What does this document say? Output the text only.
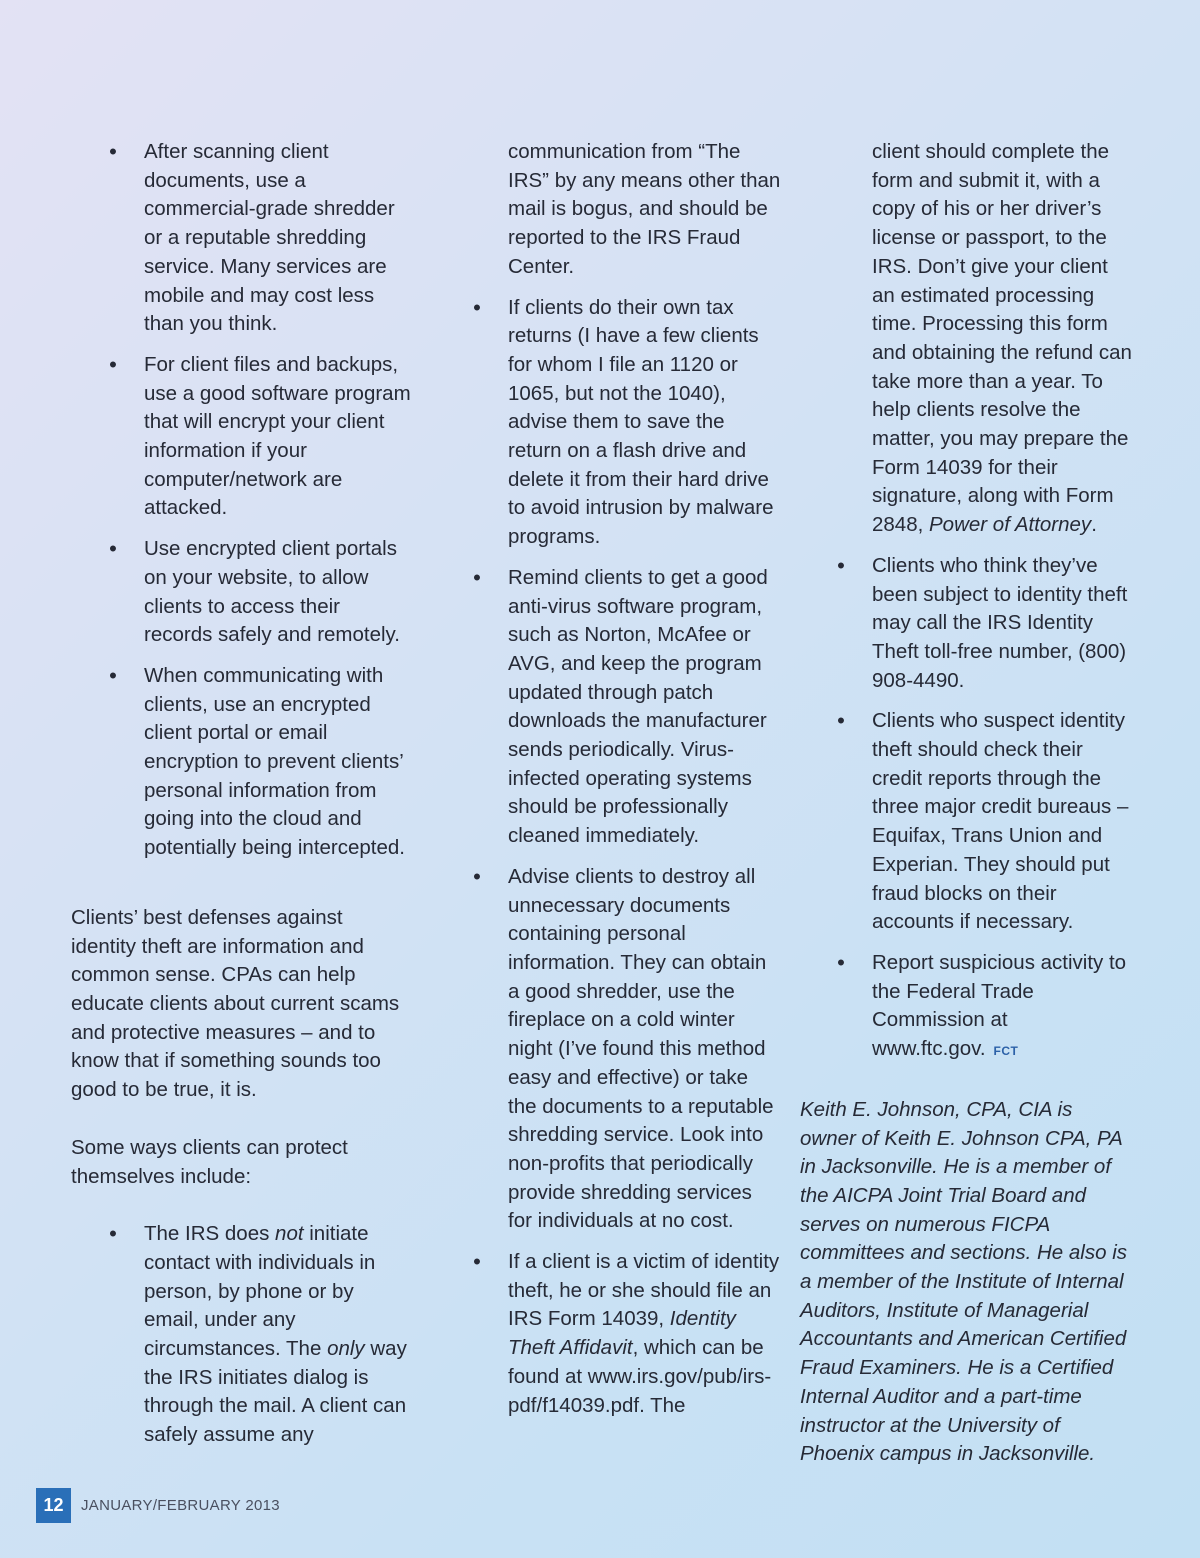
•
After scanning client documents, use a commercial-grade shredder or a reputable shredding service. Many services are mobile and may cost less than you think.
•
For client files and backups, use a good software program that will encrypt your client information if your computer/network are attacked.
•
Use encrypted client portals on your website, to allow clients to access their records safely and remotely.
•
When communicating with clients, use an encrypted client portal or email encryption to prevent clients’ personal information from going into the cloud and potentially being intercepted.

Clients’ best defenses against identity theft are information and common sense. CPAs can help educate clients about current scams and protective measures – and to know that if something sounds too good to be true, it is.

Some ways clients can protect themselves include:

•
The IRS does not initiate contact with individuals in person, by phone or by email, under any circumstances. The only way the IRS initiates dialog is through the mail. A client can safely assume any
communication from “The IRS” by any means other than mail is bogus, and should be reported to the IRS Fraud Center.
•
If clients do their own tax returns (I have a few clients for whom I file an 1120 or 1065, but not the 1040), advise them to save the return on a flash drive and delete it from their hard drive to avoid intrusion by malware programs.
•
Remind clients to get a good anti-virus software program, such as Norton, McAfee or AVG, and keep the program updated through patch downloads the manufacturer sends periodically. Virus-infected operating systems should be professionally cleaned immediately.
•
Advise clients to destroy all unnecessary documents containing personal information. They can obtain a good shredder, use the fireplace on a cold winter night (I’ve found this method easy and effective) or take the documents to a reputable shredding service. Look into non-profits that periodically provide shredding services for individuals at no cost.
•
If a client is a victim of identity theft, he or she should file an IRS Form 14039, Identity Theft Affidavit, which can be found at www.irs.gov/pub/irs-pdf/f14039.pdf. The
client should complete the form and submit it, with a copy of his or her driver’s license or passport, to the IRS. Don’t give your client an estimated processing time. Processing this form and obtaining the refund can take more than a year. To help clients resolve the matter, you may prepare the Form 14039 for their signature, along with Form 2848, Power of Attorney.
•
Clients who think they’ve been subject to identity theft may call the IRS Identity Theft toll-free number, (800) 908-4490.
•
Clients who suspect identity theft should check their credit reports through the three major credit bureaus – Equifax, Trans Union and Experian. They should put fraud blocks on their accounts if necessary.
•
Report suspicious activity to the Federal Trade Commission at www.ftc.gov. FCT
Keith E. Johnson, CPA, CIA is owner of Keith E. Johnson CPA, PA in Jacksonville. He is a member of the AICPA Joint Trial Board and serves on numerous FICPA committees and sections. He also is a member of the Institute of Internal Auditors, Institute of Managerial Accountants and American Certified Fraud Examiners. He is a Certified Internal Auditor and a part-time instructor at the University of Phoenix campus in Jacksonville.
12	JANUARY/FEBRUARY 2013
